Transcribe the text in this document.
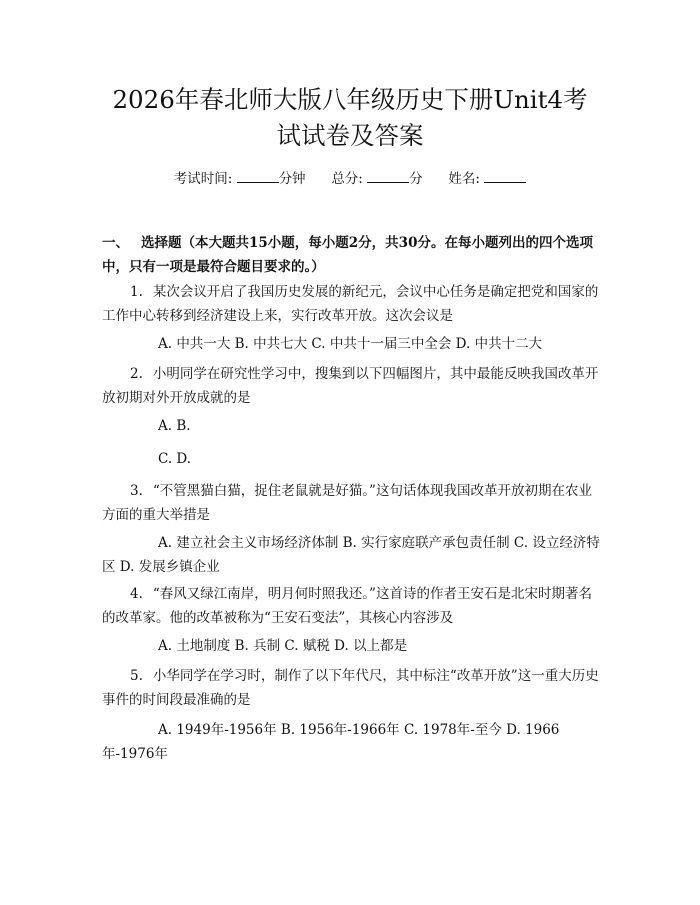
2026年春北师大版八年级历史下册Unit4考
试试卷及答案
考试时间:	分钟 总分:	分 姓名:
一、 选择题（本大题共15小题，每小题2分，共30分。在每小题列出的四个选项中，只有一项是最符合题目要求的。）
1. 某次会议开启了我国历史发展的新纪元，会议中心任务是确定把党和国家的工作中心转移到经济建设上来，实行改革开放。这次会议是
A. 中共一大 B. 中共七大 C. 中共十一届三中全会 D. 中共十二大
2. 小明同学在研究性学习中，搜集到以下四幅图片，其中最能反映我国改革开放初期对外开放成就的是
A. B.
C. D.
3. “不管黑猫白猫，捉住老鼠就是好猫。”这句话体现我国改革开放初期在农业方面的重大举措是
A. 建立社会主义市场经济体制 B. 实行家庭联产承包责任制 C. 设立经济特区 D. 发展乡镇企业
4. “春风又绿江南岸，明月何时照我还。”这首诗的作者王安石是北宋时期著名的改革家。他的改革被称为“王安石变法”，其核心内容涉及
A. 土地制度 B. 兵制 C. 赋税 D. 以上都是
5. 小华同学在学习时，制作了以下年代尺，其中标注“改革开放”这一重大历史事件的时间段最准确的是
A. 1949年-1956年 B. 1956年-1966年 C. 1978年-至今 D. 1966年-1976年
